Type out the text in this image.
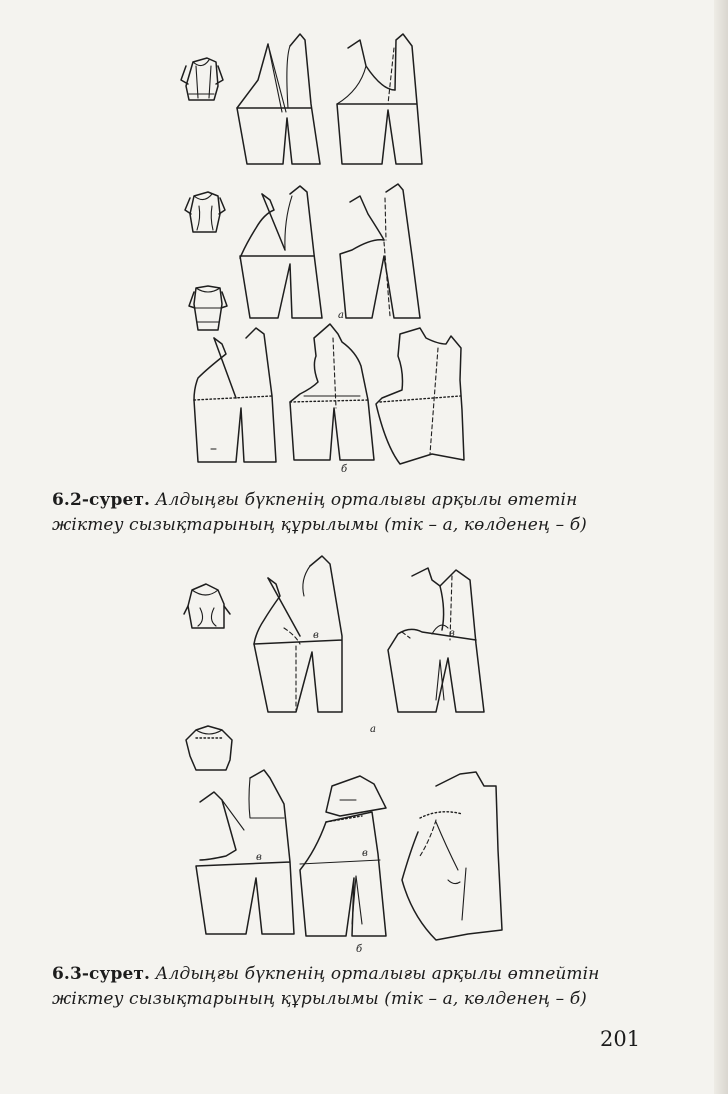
а
б
6.2-сурет. Алдыңғы бүкпенің орталығы арқылы өтетін
жіктеу сызықтарының құрылымы (тік – а, көлденең – б)
в	в
а
в	в
б
6.3-сурет. Алдыңғы бүкпенің орталығы арқылы өтпейтін
жіктеу сызықтарының құрылымы (тік – а, көлденең – б)
201
